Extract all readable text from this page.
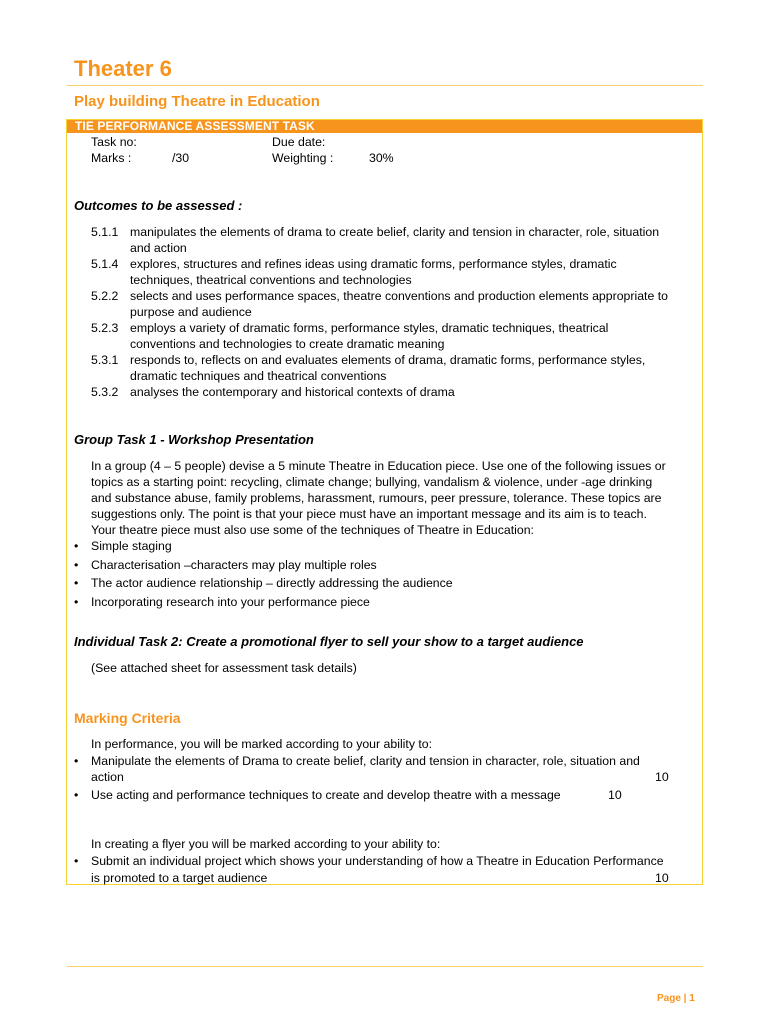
Theater 6
Play building Theatre in Education
TIE PERFORMANCE ASSESSMENT TASK
Task no:	Due date:
Marks :	/30	Weighting :	30%
Outcomes to be assessed :
5.1.1 manipulates the elements of drama to create belief, clarity and tension in character, role, situation
and action
5.1.4 explores, structures and refines ideas using dramatic forms, performance styles, dramatic
techniques, theatrical conventions and technologies
5.2.2 selects and uses performance spaces, theatre conventions and production elements appropriate to
purpose and audience
5.2.3 employs a variety of dramatic forms, performance styles, dramatic techniques, theatrical
conventions and technologies to create dramatic meaning
5.3.1 responds to, reflects on and evaluates elements of drama, dramatic forms, performance styles,
dramatic techniques and theatrical conventions
5.3.2 analyses the contemporary and historical contexts of drama
Group Task 1 - Workshop Presentation
In a group (4 – 5 people) devise a 5 minute Theatre in Education piece. Use one of the following issues or
topics as a starting point: recycling, climate change; bullying, vandalism & violence, under -age drinking
and substance abuse, family problems, harassment, rumours, peer pressure, tolerance. These topics are
suggestions only. The point is that your piece must have an important message and its aim is to teach.
Your theatre piece must also use some of the techniques of Theatre in Education:
• Simple staging
• Characterisation –characters may play multiple roles
• The actor audience relationship – directly addressing the audience
• Incorporating research into your performance piece
Individual Task 2: Create a promotional flyer to sell your show to a target audience
(See attached sheet for assessment task details)
Marking Criteria
In performance, you will be marked according to your ability to:
• Manipulate the elements of Drama to create belief, clarity and tension in character, role, situation and
action	10
• Use acting and performance techniques to create and develop theatre with a message	10
In creating a flyer you will be marked according to your ability to:
• Submit an individual project which shows your understanding of how a Theatre in Education Performance
is promoted to a target audience	10
Page | 1
